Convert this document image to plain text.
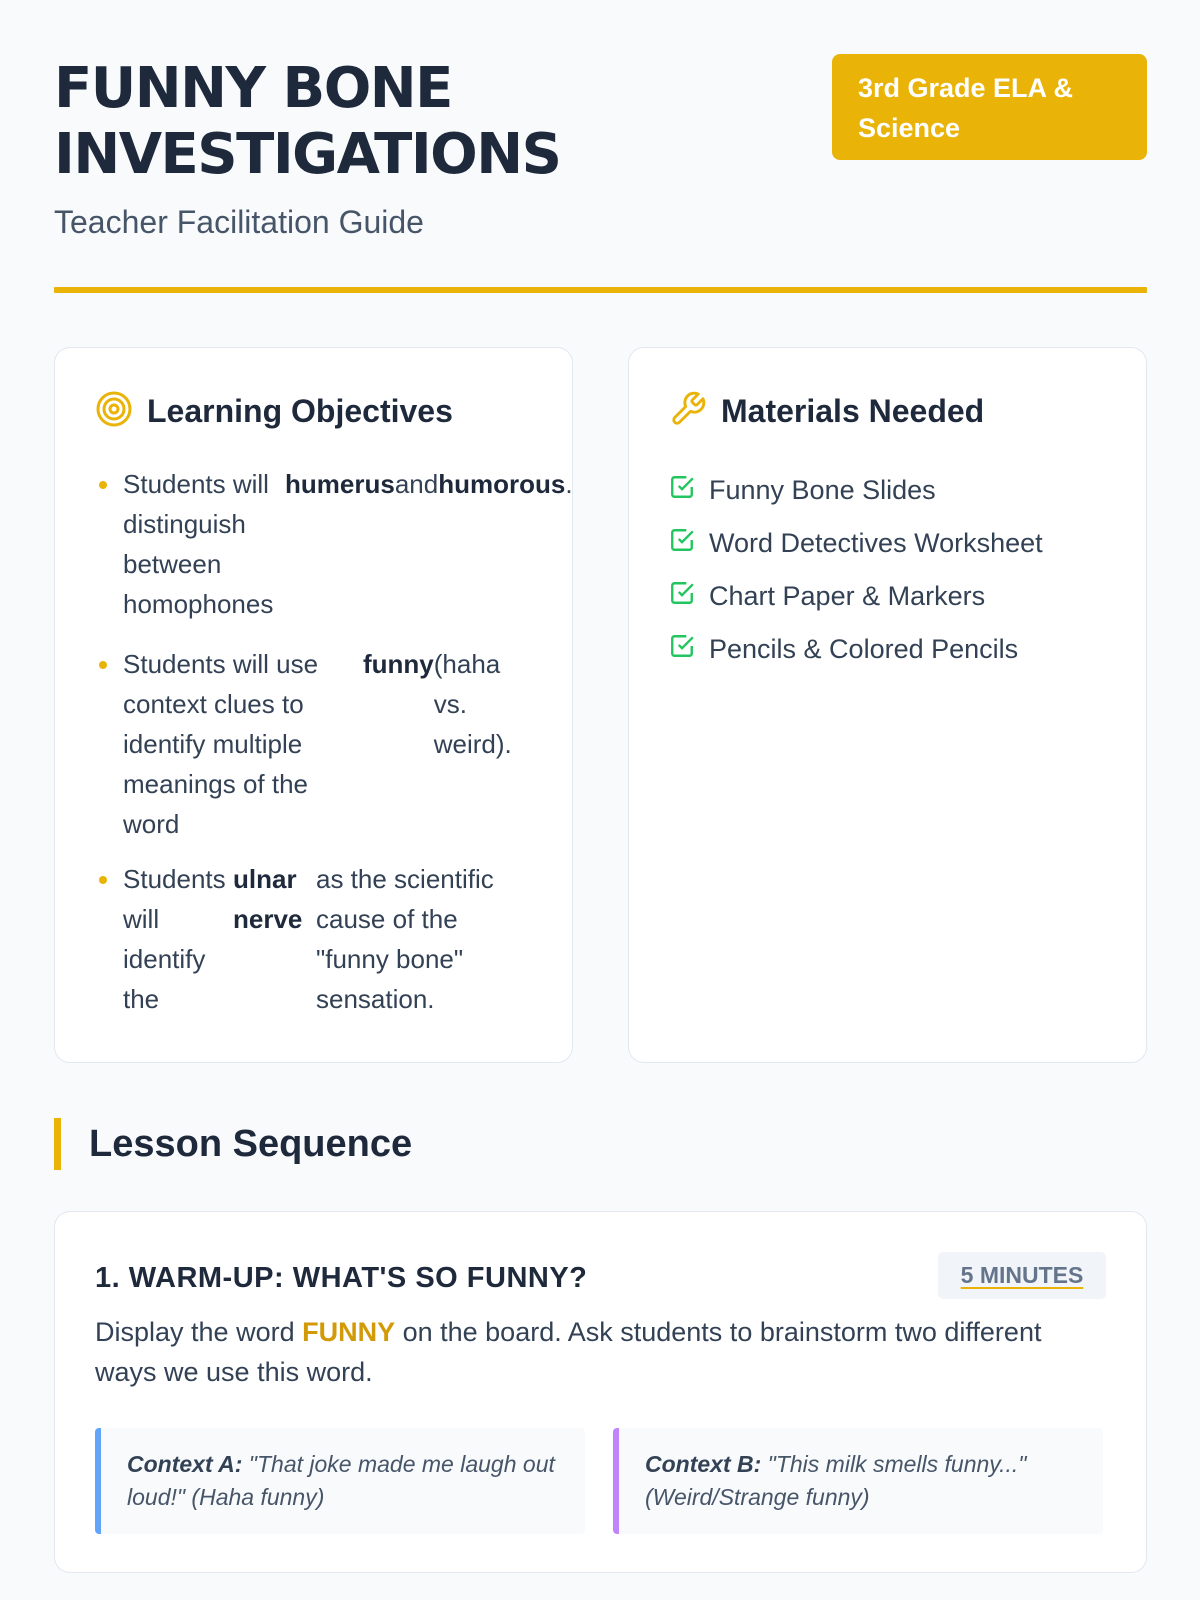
FUNNY BONE
INVESTIGATIONS
Teacher Facilitation Guide
3rd Grade ELA & Science
Learning Objectives
Students will distinguish between homophones
humerus and humorous .
Students will use context clues to identify multiple meanings of the word
funny (haha vs. weird).
Students will identify the
ulnar nerve
as the scientific cause of the "funny bone" sensation.
Materials Needed
Funny Bone Slides
Word Detectives Worksheet
Chart Paper & Markers
Pencils & Colored Pencils
Lesson Sequence
1. WARM-UP: WHAT'S SO FUNNY?	5 MINUTES
Display the word FUNNY on the board. Ask students to brainstorm two different ways we use this word.
Context A: "That joke made me laugh out loud!" (Haha funny)
Context B: "This milk smells funny..." (Weird/Strange funny)
